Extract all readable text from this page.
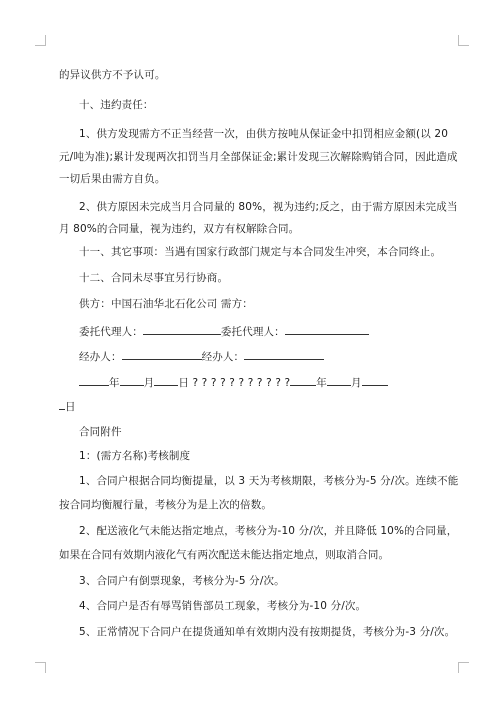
的异议供方不予认可。
十、违约责任：
1、供方发现需方不正当经营一次，由供方按吨从保证金中扣罚相应金额(以 20
元/吨为准);累计发现两次扣罚当月全部保证金;累计发现三次解除购销合同，因此造成
一切后果由需方自负。
2、供方原因未完成当月合同量的 80%，视为违约;反之，由于需方原因未完成当
月 80%的合同量，视为违约，双方有权解除合同。
十一、其它事项：当遇有国家行政部门规定与本合同发生冲突，本合同终止。
十二、合同未尽事宜另行协商。
供方：中国石油华北石化公司 需方：
委托代理人：	委托代理人：
经办人：	经办人：
年 月 日 ? ? ? ? ? ? ? ? ? ? ? 年 月
日
合同附件
1：(需方名称)考核制度
1、合同户根据合同均衡提量，以 3 天为考核期限，考核分为-5 分/次。连续不能
按合同均衡履行量，考核分为是上次的倍数。
2、配送液化气未能达指定地点，考核分为-10 分/次，并且降低 10%的合同量，
如果在合同有效期内液化气有两次配送未能达指定地点，则取消合同。
3、合同户有倒票现象，考核分为-5 分/次。
4、合同户是否有辱骂销售部员工现象，考核分为-10 分/次。
5、正常情况下合同户在提货通知单有效期内没有按期提货，考核分为-3 分/次。
